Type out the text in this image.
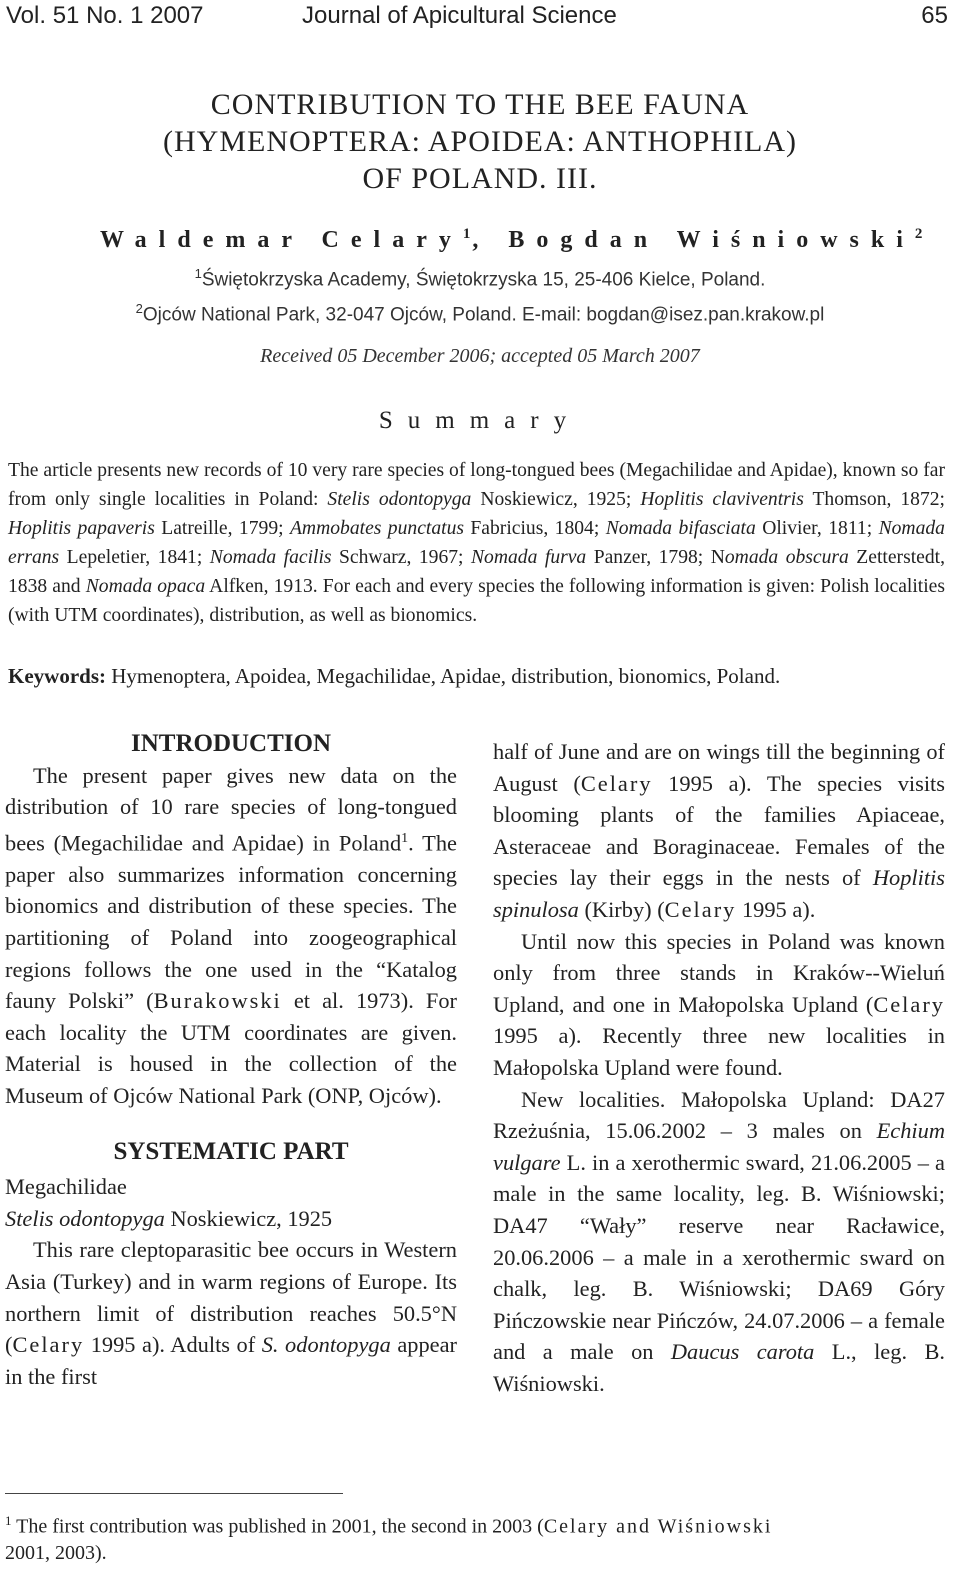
Vol. 51 No. 1 2007	Journal of Apicultural Science	65
CONTRIBUTION TO THE BEE FAUNA
(HYMENOPTERA: APOIDEA: ANTHOPHILA)
OF POLAND. III.
Waldemar Celary$^1$, Bogdan Wiśniowski$^2$
$^1$Świętokrzyska Academy, Świętokrzyska 15, 25-406 Kielce, Poland.
$^2$Ojców National Park, 32-047 Ojców, Poland. E-mail: bogdan@isez.pan.krakow.pl
Received 05 December 2006; accepted 05 March 2007
Summary
The article presents new records of 10 very rare species of long-tongued bees (Megachilidae and Apidae), known so far from only single localities in Poland: Stelis odontopyga Noskiewicz, 1925; Hoplitis claviventris Thomson, 1872; Hoplitis papaveris Latreille, 1799; Ammobates punctatus Fabricius, 1804; Nomada bifasciata Olivier, 1811; Nomada errans Lepeletier, 1841; Nomada facilis Schwarz, 1967; Nomada furva Panzer, 1798; Nomada obscura Zetterstedt, 1838 and Nomada opaca Alfken, 1913. For each and every species the following information is given: Polish localities (with UTM coordinates), distribution, as well as bionomics.
Keywords: Hymenoptera, Apoidea, Megachilidae, Apidae, distribution, bionomics, Poland.

INTRODUCTION

The present paper gives new data on the distribution of 10 rare species of long-tongued bees (Megachilidae and Apidae) in Poland$^1$. The paper also summarizes information concerning bionomics and distribution of these species. The partitioning of Poland into zoogeographical regions follows the one used in the “Katalog fauny Polski” (Burakowski et al. 1973). For each locality the UTM coordinates are given. Material is housed in the collection of the Museum of Ojców National Park (ONP, Ojców).

SYSTEMATIC PART

Megachilidae

Stelis odontopyga Noskiewicz, 1925

This rare cleptoparasitic bee occurs in Western Asia (Turkey) and in warm regions of Europe. Its northern limit of distribution reaches 50.5°N (Celary 1995 a). Adults of S. odontopyga appear in the first

half of June and are on wings till the beginning of August (Celary 1995 a). The species visits blooming plants of the families Apiaceae, Asteraceae and Boraginaceae. Females of the species lay their eggs in the nests of Hoplitis spinulosa (Kirby) (Celary 1995 a).

Until now this species in Poland was known only from three stands in Kraków--Wieluń Upland, and one in Małopolska Upland (Celary 1995 a). Recently three new localities in Małopolska Upland were found.

New localities. Małopolska Upland: DA27 Rzeżuśnia, 15.06.2002 – 3 males on Echium vulgare L. in a xerothermic sward, 21.06.2005 – a male in the same locality, leg. B. Wiśniowski; DA47 “Wały” reserve near Racławice, 20.06.2006 – a male in a xerothermic sward on chalk, leg. B. Wiśniowski; DA69 Góry Pińczowskie near Pińczów, 24.07.2006 – a female and a male on Daucus carota L., leg. B. Wiśniowski.

$^1$ The first contribution was published in 2001, the second in 2003 (Celary and Wiśniowski 2001, 2003).
